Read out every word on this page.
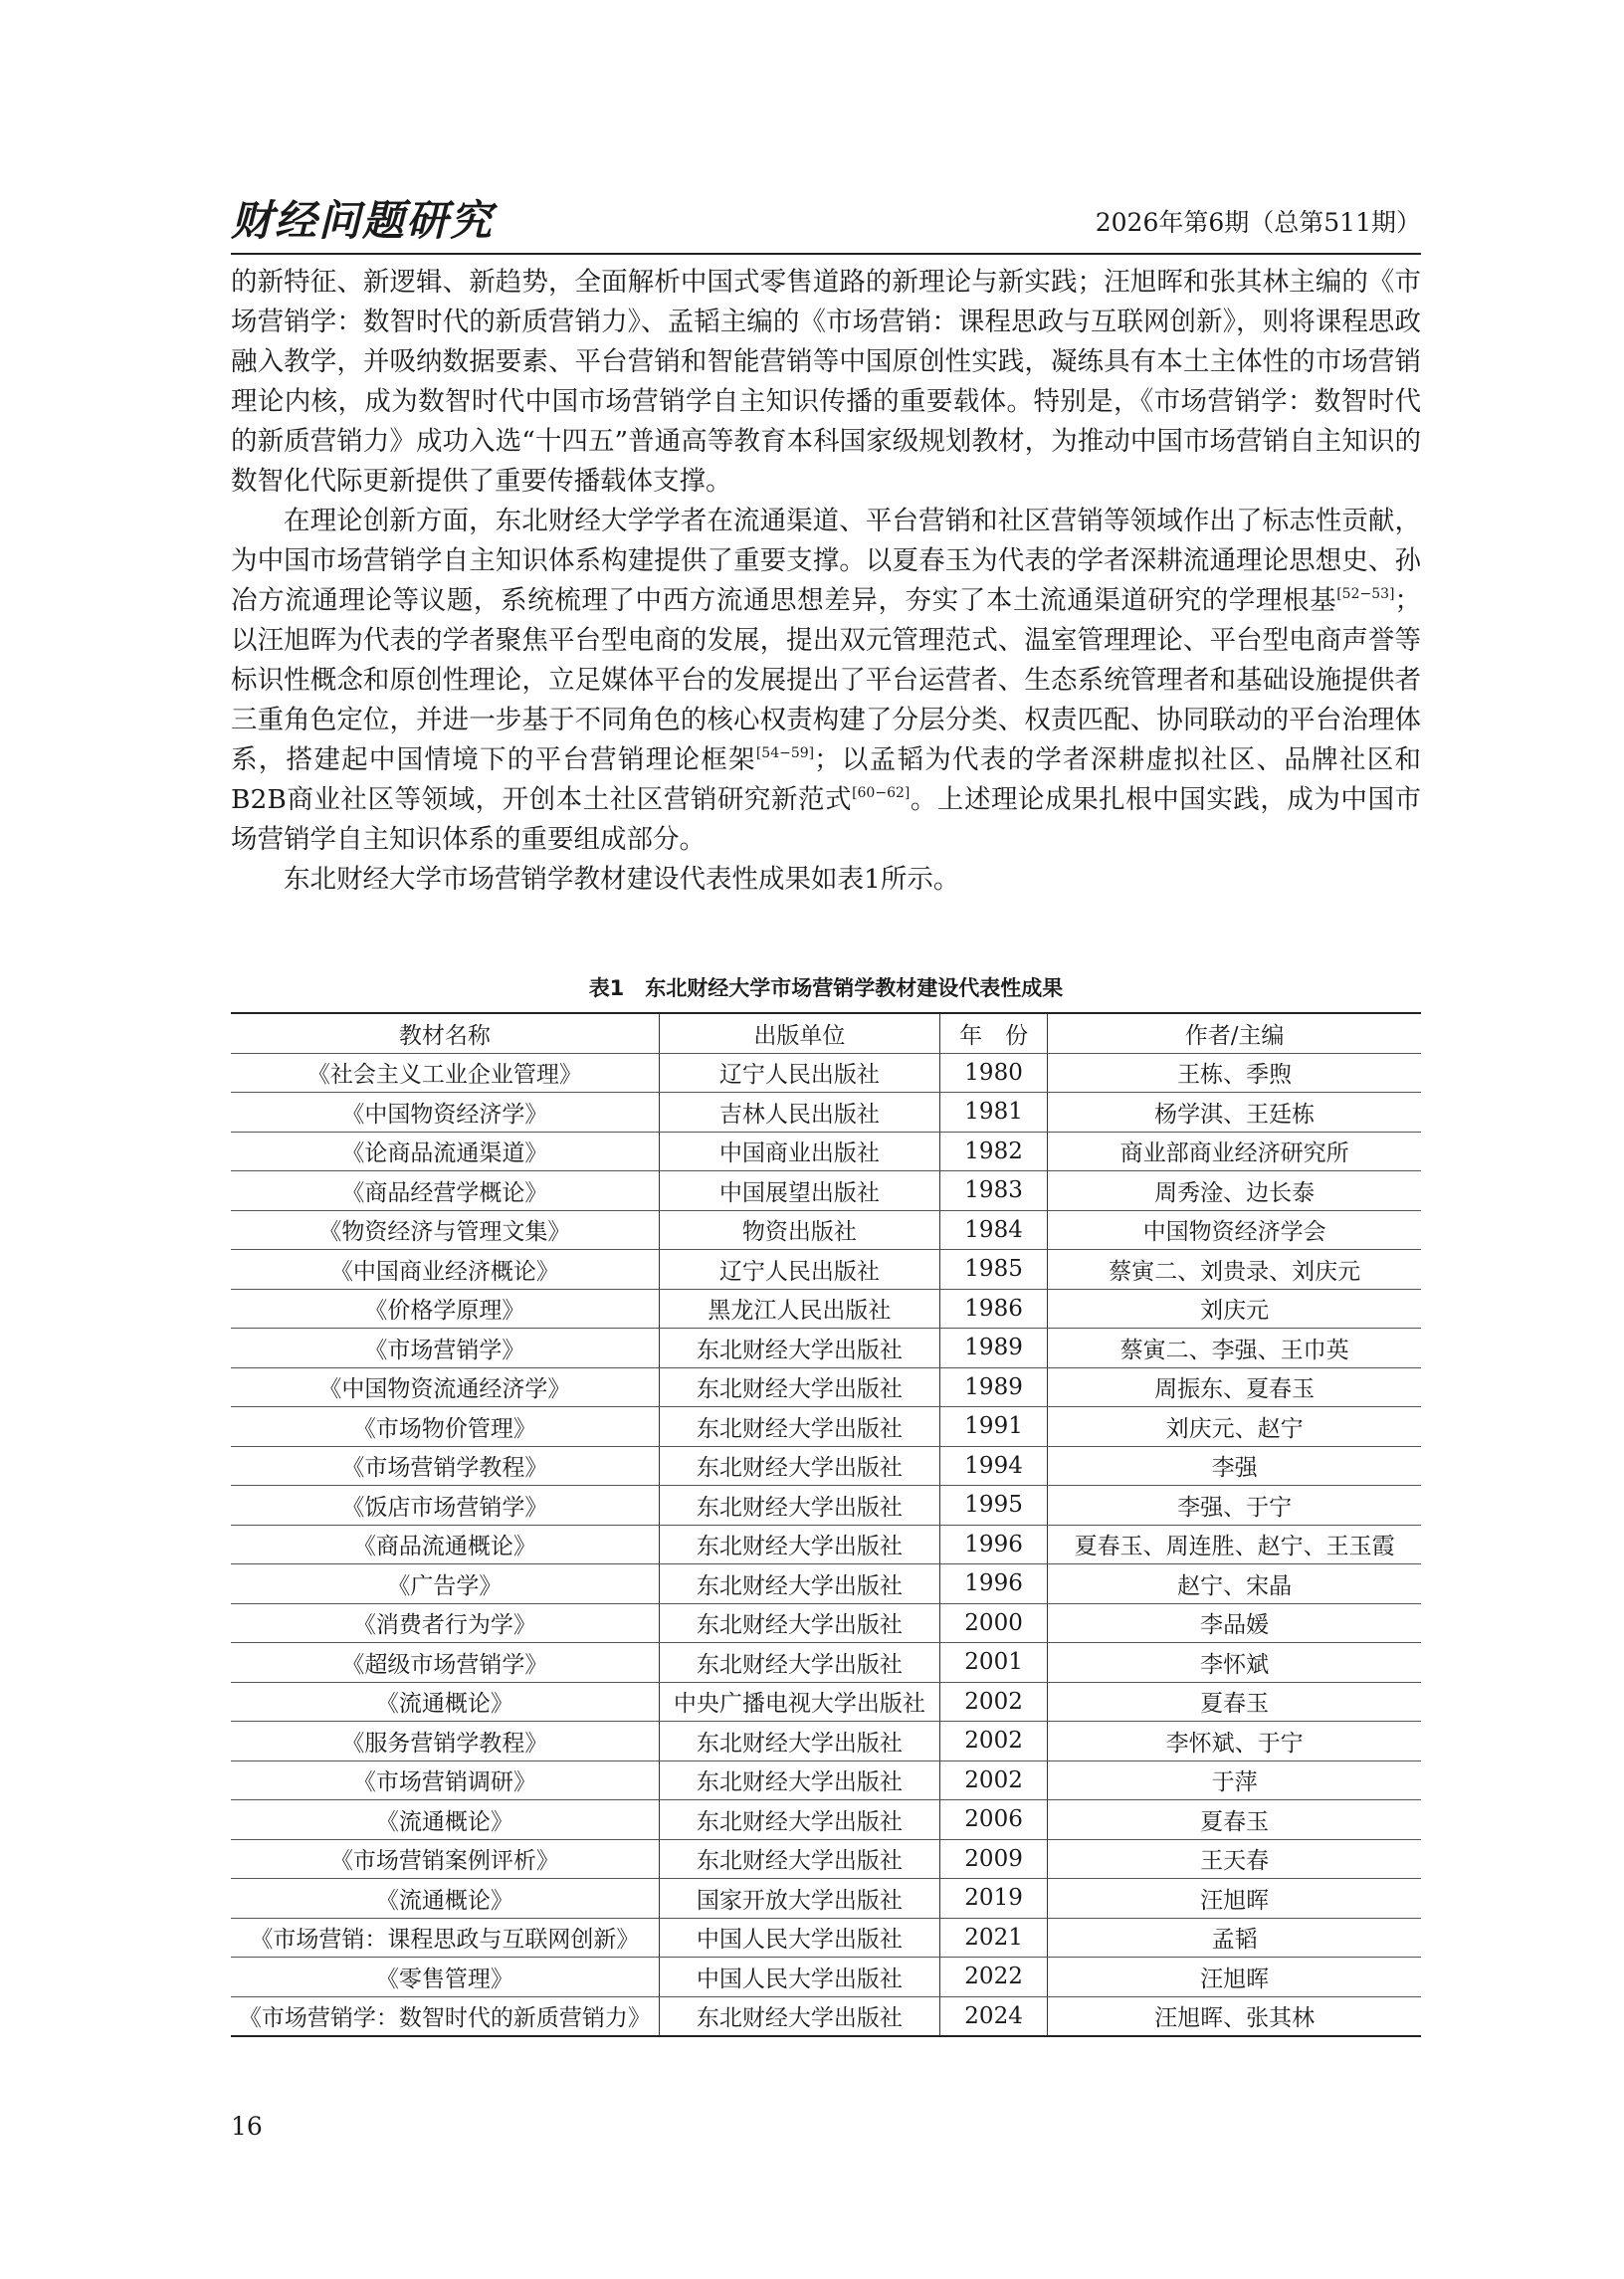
财经问题研究	2026年第6期（总第511期）

的新特征、新逻辑、新趋势，全面解析中国式零售道路的新理论与新实践；汪旭晖和张其林主编的《市场营销学：数智时代的新质营销力》、孟韬主编的《市场营销：课程思政与互联网创新》，则将课程思政融入教学，并吸纳数据要素、平台营销和智能营销等中国原创性实践，凝练具有本土主体性的市场营销理论内核，成为数智时代中国市场营销学自主知识传播的重要载体。特别是，《市场营销学：数智时代的新质营销力》成功入选“十四五”普通高等教育本科国家级规划教材，为推动中国市场营销自主知识的数智化代际更新提供了重要传播载体支撑。

在理论创新方面，东北财经大学学者在流通渠道、平台营销和社区营销等领域作出了标志性贡献，为中国市场营销学自主知识体系构建提供了重要支撑。以夏春玉为代表的学者深耕流通理论思想史、孙冶方流通理论等议题，系统梳理了中西方流通思想差异，夯实了本土流通渠道研究的学理根基[52−53]；以汪旭晖为代表的学者聚焦平台型电商的发展，提出双元管理范式、温室管理理论、平台型电商声誉等标识性概念和原创性理论，立足媒体平台的发展提出了平台运营者、生态系统管理者和基础设施提供者三重角色定位，并进一步基于不同角色的核心权责构建了分层分类、权责匹配、协同联动的平台治理体系，搭建起中国情境下的平台营销理论框架[54−59]；以孟韬为代表的学者深耕虚拟社区、品牌社区和B2B商业社区等领域，开创本土社区营销研究新范式[60−62]。上述理论成果扎根中国实践，成为中国市场营销学自主知识体系的重要组成部分。

东北财经大学市场营销学教材建设代表性成果如表1所示。

表1　东北财经大学市场营销学教材建设代表性成果
教材名称	出版单位	年　份	作者/主编
《社会主义工业企业管理》	辽宁人民出版社	1980	王栋、季煦
《中国物资经济学》	吉林人民出版社	1981	杨学淇、王廷栋
《论商品流通渠道》	中国商业出版社	1982	商业部商业经济研究所
《商品经营学概论》	中国展望出版社	1983	周秀淦、边长泰
《物资经济与管理文集》	物资出版社	1984	中国物资经济学会
《中国商业经济概论》	辽宁人民出版社	1985	蔡寅二、刘贵录、刘庆元
《价格学原理》	黑龙江人民出版社	1986	刘庆元
《市场营销学》	东北财经大学出版社	1989	蔡寅二、李强、王巾英
《中国物资流通经济学》	东北财经大学出版社	1989	周振东、夏春玉
《市场物价管理》	东北财经大学出版社	1991	刘庆元、赵宁
《市场营销学教程》	东北财经大学出版社	1994	李强
《饭店市场营销学》	东北财经大学出版社	1995	李强、于宁
《商品流通概论》	东北财经大学出版社	1996	夏春玉、周连胜、赵宁、王玉霞
《广告学》	东北财经大学出版社	1996	赵宁、宋晶
《消费者行为学》	东北财经大学出版社	2000	李品媛
《超级市场营销学》	东北财经大学出版社	2001	李怀斌
《流通概论》	中央广播电视大学出版社	2002	夏春玉
《服务营销学教程》	东北财经大学出版社	2002	李怀斌、于宁
《市场营销调研》	东北财经大学出版社	2002	于萍
《流通概论》	东北财经大学出版社	2006	夏春玉
《市场营销案例评析》	东北财经大学出版社	2009	王天春
《流通概论》	国家开放大学出版社	2019	汪旭晖
《市场营销：课程思政与互联网创新》	中国人民大学出版社	2021	孟韬
《零售管理》	中国人民大学出版社	2022	汪旭晖
《市场营销学：数智时代的新质营销力》	东北财经大学出版社	2024	汪旭晖、张其林
16
